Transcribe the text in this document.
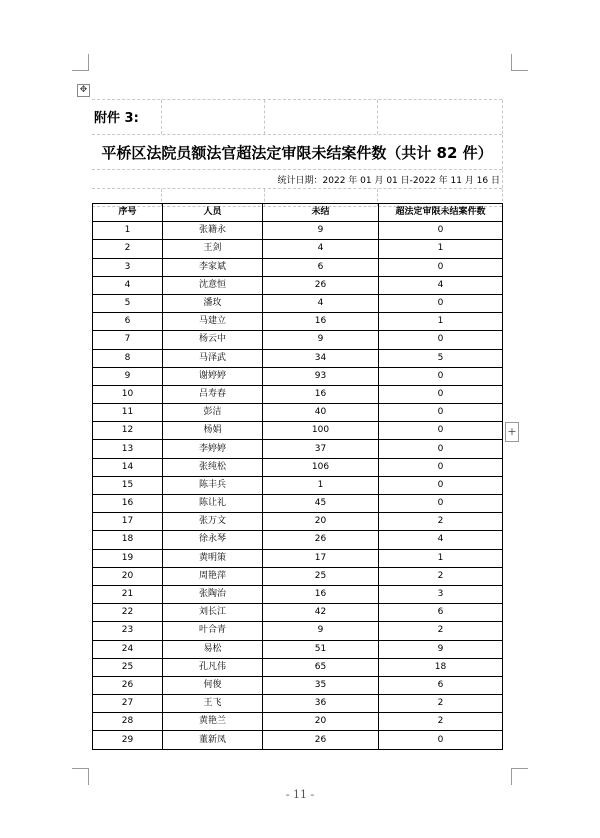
✥
+
附件 3:
平桥区法院员额法官超法定审限未结案件数（共计 82 件）
统计日期：2022 年 01 月 01 日-2022 年 11 月 16 日
序号	人员	未结	超法定审限未结案件数
1	张籍永	9	0
2	王剑	4	1
3	李家斌	6	0
4	沈意恒	26	4
5	潘玫	4	0
6	马建立	16	1
7	杨云中	9	0
8	马泽武	34	5
9	谢婷婷	93	0
10	吕寿春	16	0
11	彭洁	40	0
12	杨娟	100	0
13	李婷婷	37	0
14	张纯松	106	0
15	陈丰兵	1	0
16	陈让礼	45	0
17	张万文	20	2
18	徐永琴	26	4
19	黄明策	17	1
20	周艳萍	25	2
21	张陶治	16	3
22	刘长江	42	6
23	叶合青	9	2
24	易松	51	9
25	孔凡伟	65	18
26	何俊	35	6
27	王飞	36	2
28	黄艳兰	20	2
29	董新凤	26	0
- 11 -
